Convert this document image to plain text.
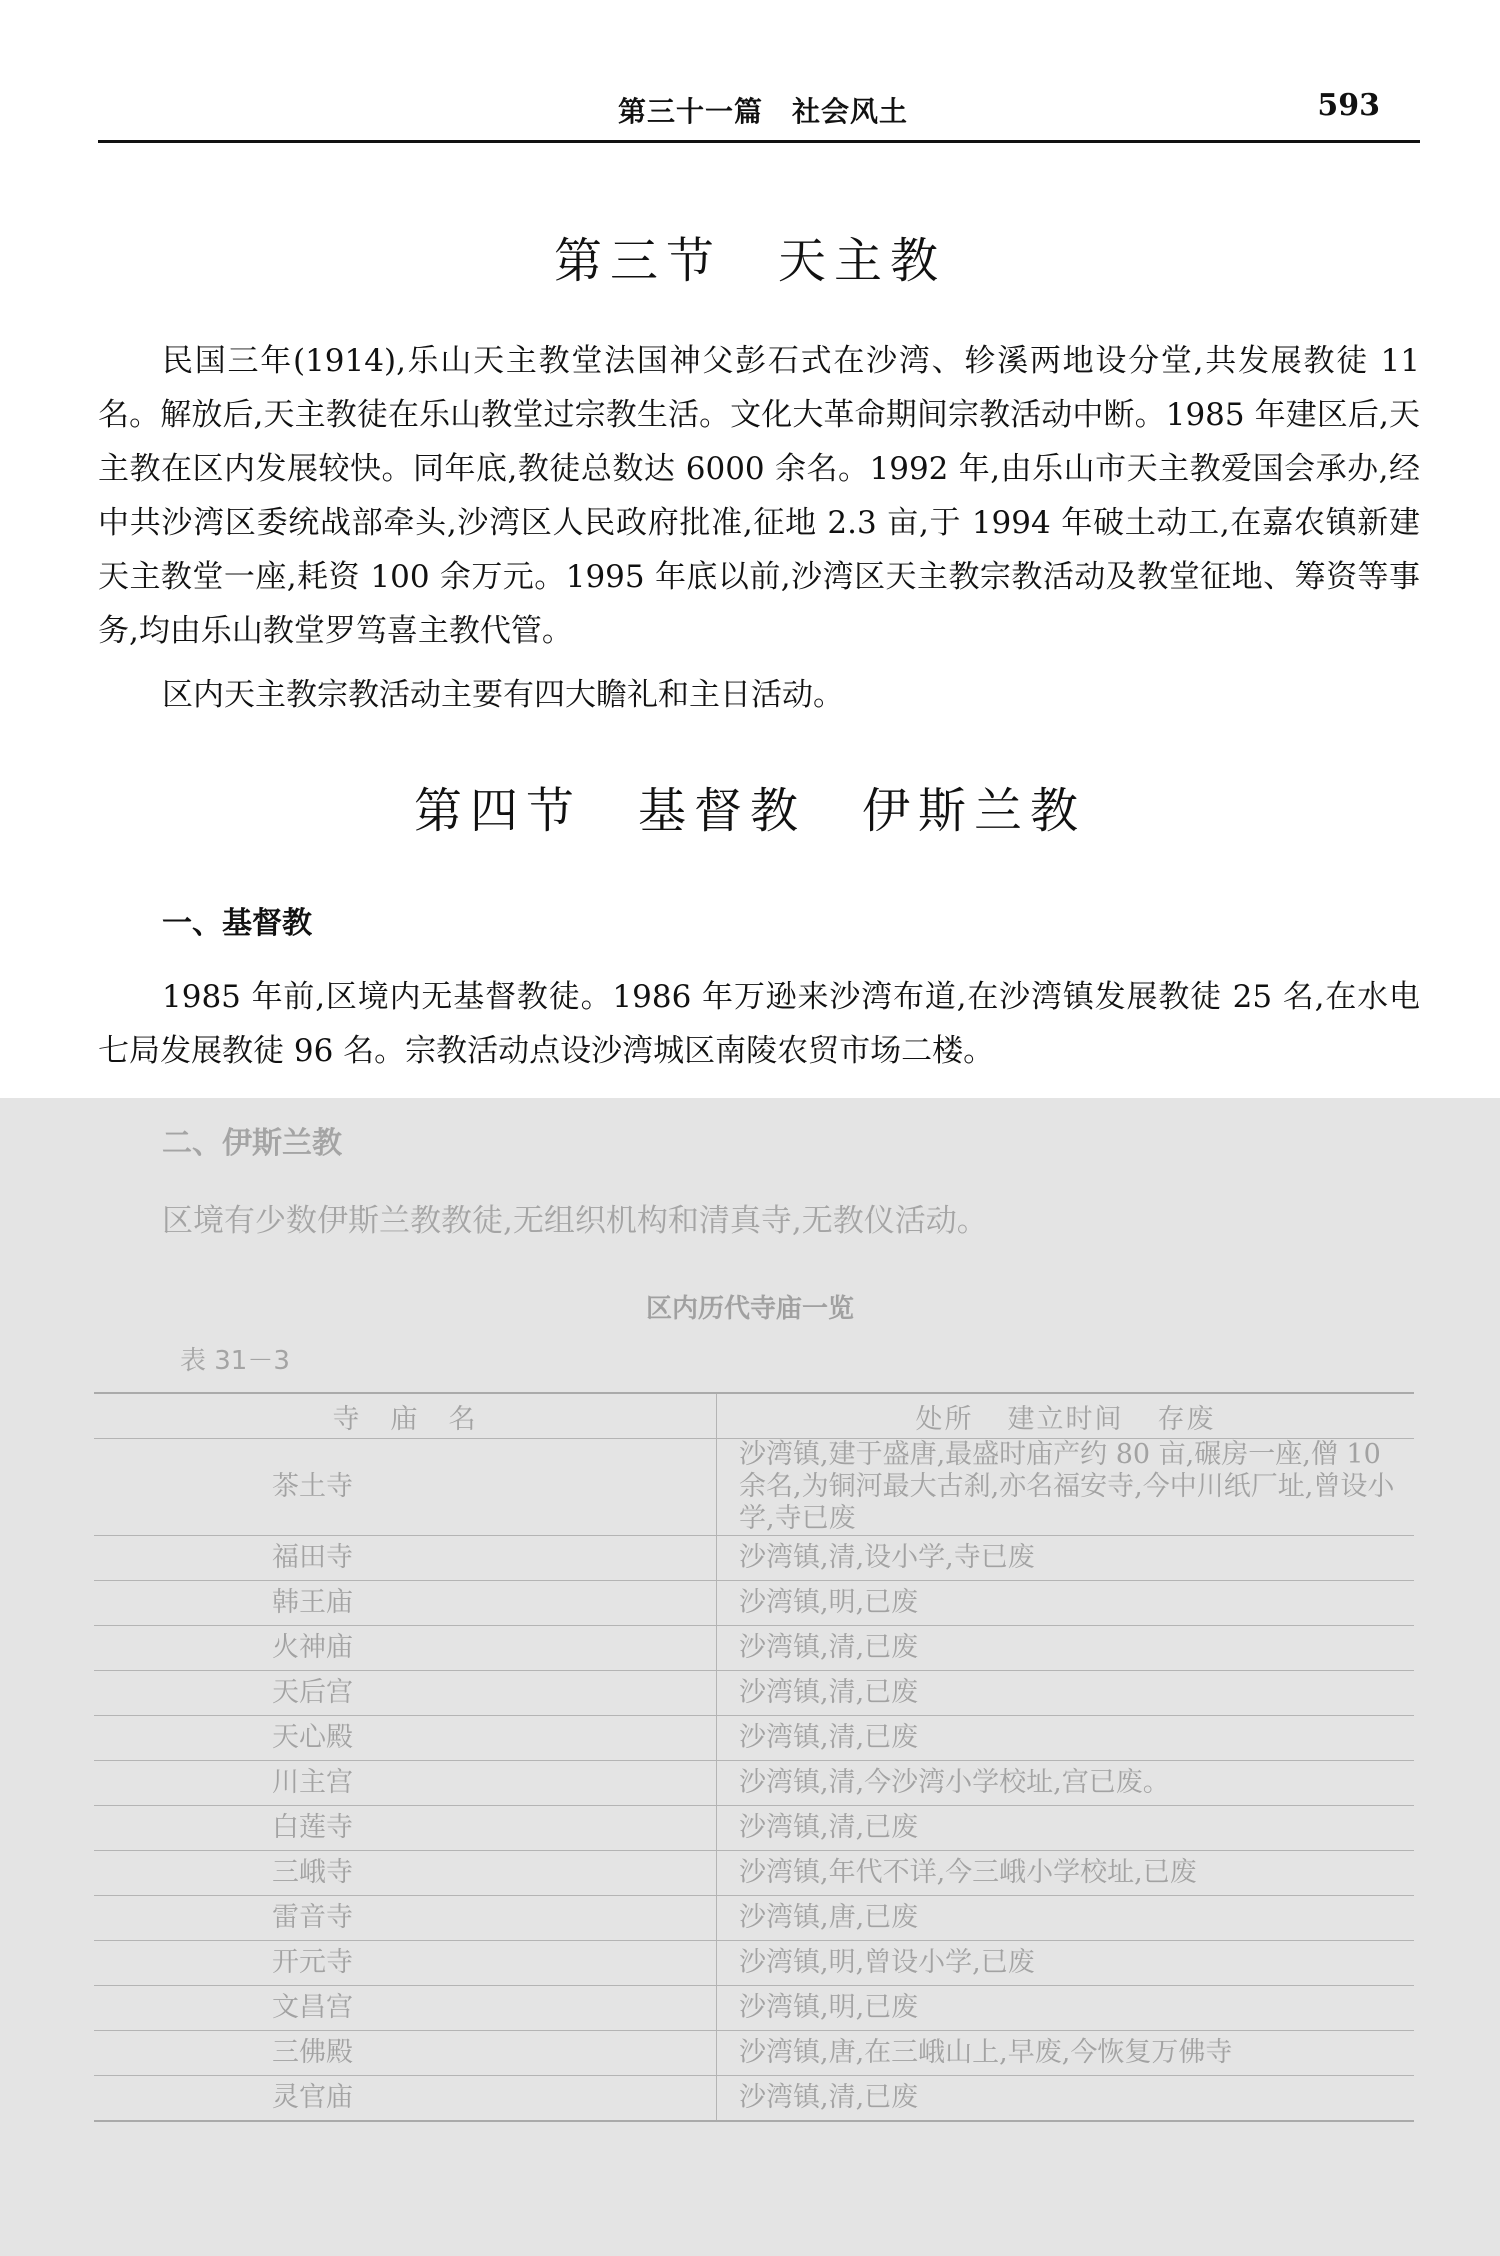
第三十一篇　社会风土	593
第三节　天主教
民国三年(1914),乐山天主教堂法国神父彭石式在沙湾、轸溪两地设分堂,共发展教徒 11 名。解放后,天主教徒在乐山教堂过宗教生活。文化大革命期间宗教活动中断。1985 年建区后,天主教在区内发展较快。同年底,教徒总数达 6000 余名。1992 年,由乐山市天主教爱国会承办,经中共沙湾区委统战部牵头,沙湾区人民政府批准,征地 2.3 亩,于 1994 年破土动工,在嘉农镇新建天主教堂一座,耗资 100 余万元。1995 年底以前,沙湾区天主教宗教活动及教堂征地、筹资等事务,均由乐山教堂罗笃喜主教代管。
区内天主教宗教活动主要有四大瞻礼和主日活动。
第四节　基督教　伊斯兰教
一、基督教
1985 年前,区境内无基督教徒。1986 年万逊来沙湾布道,在沙湾镇发展教徒 25 名,在水电七局发展教徒 96 名。宗教活动点设沙湾城区南陵农贸市场二楼。
二、伊斯兰教
区境有少数伊斯兰教教徒,无组织机构和清真寺,无教仪活动。
区内历代寺庙一览
表 31－3
寺　庙　名	处所 建立时间 存废
茶土寺	沙湾镇,建于盛唐,最盛时庙产约 80 亩,碾房一座,僧 10 余名,为铜河最大古刹,亦名福安寺,今中川纸厂址,曾设小学,寺已废
福田寺	沙湾镇,清,设小学,寺已废
韩王庙	沙湾镇,明,已废
火神庙	沙湾镇,清,已废
天后宫	沙湾镇,清,已废
天心殿	沙湾镇,清,已废
川主宫	沙湾镇,清,今沙湾小学校址,宫已废。
白莲寺	沙湾镇,清,已废
三峨寺	沙湾镇,年代不详,今三峨小学校址,已废
雷音寺	沙湾镇,唐,已废
开元寺	沙湾镇,明,曾设小学,已废
文昌宫	沙湾镇,明,已废
三佛殿	沙湾镇,唐,在三峨山上,早废,今恢复万佛寺
灵官庙	沙湾镇,清,已废
